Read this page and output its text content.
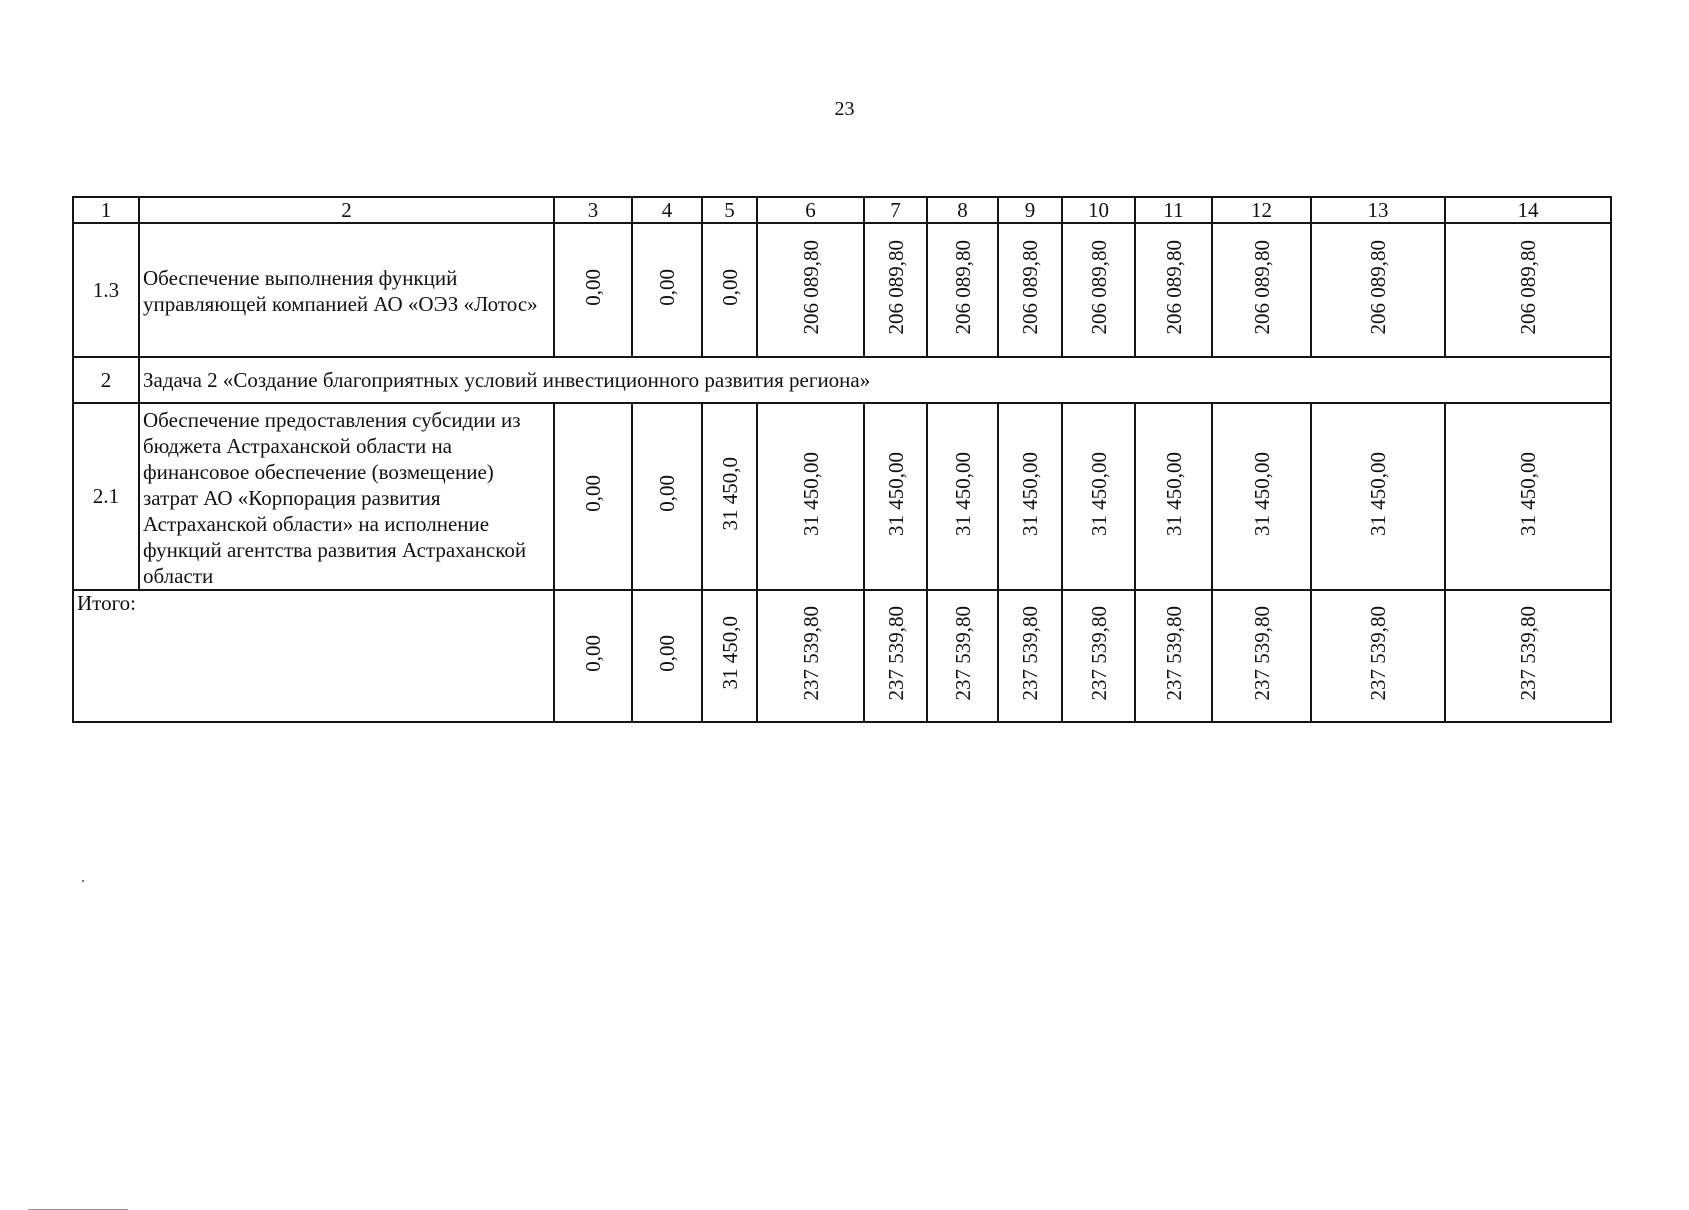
23
1	2	3	4	5	6	7	8	9	10	11	12	13	14
1.3	Обеспечение выполнения функций управляющей компанией АО «ОЭЗ «Лотос»	0,00	0,00	0,00	206 089,80	206 089,80	206 089,80	206 089,80	206 089,80	206 089,80	206 089,80	206 089,80	206 089,80
2	Задача 2 «Создание благоприятных условий инвестиционного развития региона»												
2.1	Обеспечение предоставления субсидии из бюджета Астраханской области на финансовое обеспечение (возмещение) затрат АО «Корпорация развития Астраханской области» на исполнение функций агентства развития Астраханской области	0,00	0,00	31 450,0	31 450,00	31 450,00	31 450,00	31 450,00	31 450,00	31 450,00	31 450,00	31 450,00	31 450,00
Итого:		0,00	0,00	31 450,0	237 539,80	237 539,80	237 539,80	237 539,80	237 539,80	237 539,80	237 539,80	237 539,80	237 539,80
